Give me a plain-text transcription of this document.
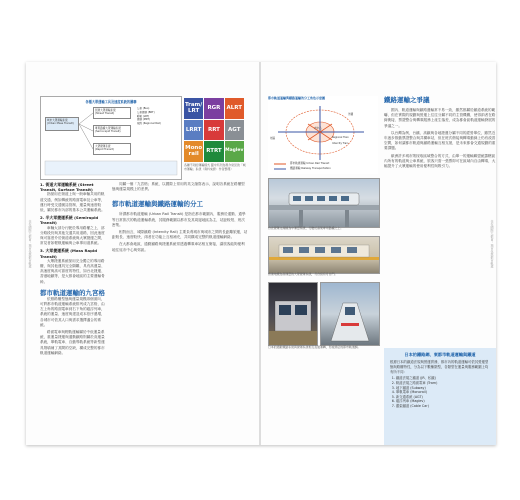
住在國際大都會：城市化與都市軌道	住在國際大都會：城市化與都市軌道
各種大眾運輸工具及速度系統的關聯
城市大眾運輸系統
(Urban Mass Transit)
街道大眾運輸系統
(Street Transit)
專用路權大眾運輸系統
(Semi-rapid Transit)
大眾捷運系統
(Rapid Transit)
公車 (Bus)
公車捷運 (BRT)
輕軌 (LRT)
捷運 (MRT)
城際 (Regional Rail)
Tram/
LRT	RGR	ALRT
LRRT	RRT	AGT
Mono
rail	RTRT Maglev
各種不同的運輸模式 圖中所列為現今常見的「城市運輸」系統（資料來源：作者整理）
1. 街道大眾運輸系統 (Street Transit, Surface Transit)

指採用在街道上與一般車輛共用的軌道交通，例如傳統的路面電車及公車等，運行時受交通號誌管制，運量與速度較低，屬於都市內部的基本公共運輸系統。

2. 半大眾捷運系統 (Semirapid Transit)

車輛大部分行駛於專用路權之上，部分路段仍與其他交通共用道路，因此速度與可靠度介於街道系統與大眾捷運之間，常見者如輕軌運輸與公車專用道系統。

3. 大眾捷運系統 (Mass Rapid Transit)

大眾捷運系統採用完全獨立的專用路權，與其他運具完全隔離，具有高運量、高速度與高可靠度的特性，如台北捷運、香港地鐵等，是大都會地區的主要運輸骨幹。

都市軌道運輸的九宮格

依照路權型態與運量規模兩個面向，可將都市軌道運輸系統排列成九宮格，由左上角的路面電車到右下角的磁浮列車，系統的運量、速度與建造成本依序遞增，各城市可依其人口與需求選擇適合的系統。

路面電車與輕軌運輸屬於中低運量系統，重運量捷運與通勤鐵路則屬於高運量系統，單軌電車、自動導軌系統等新型運具則填補了其間的空缺，構成完整的都市軌道運輸網絡。

同屬一個「九宮格」系統，以國際上常用的英文縮寫表示，說明各系統在路權型態與運量規模上的差異。

都市軌道運輸與鐵路運輸的分工

所謂都市軌道運輸 (Urban Rail Transit) 是指在都市範圍內，服務於通勤、通學等日常旅次的軌道運輸系統，其服務範圍以都市及其周邊地區為主，站距較短、班次密集。

相對而言，城際鐵路 (Intercity Rail) 主要負責城市與城市之間的長距離旅運，站距較長、速度較快，兩者在功能上互相補充，共同構成完整的軌道運輸網絡。

在大都會地區，通勤鐵路與捷運系統常透過轉乘車站相互銜接，讓旅客能夠便利地往返市中心與郊區。

都市軌道運輸與鐵路運輸的分工角色示意圖
市中心
外圍
郊區	Regional Train
Intercity Train
都市軌道運輸 Urban Rail Transit
鐵路運輸 Railway Transportation
台北捷運文湖線為中運量系統，行駛於高架專用路權之上。
香港地鐵為高運量的大眾捷運系統，月台設有月台門。
日本的通勤鐵路系統與捷運系統相互直通運轉，形成綿密的都市軌道網。
鐵路運輸之爭議

國內、軌道運輸與鐵路運輸常不易一致，雖然都屬於鐵道系統的範疇，但在實際的規劃與營運上往往分屬不同的主管機關，使得兩者在路線銜接、票證整合與轉乘服務上產生落差，成為都會區軌道運輸發展的爭議之一。

以台灣為例，台鐵、高鐵與各地捷運分屬不同的經營單位，雖然近年逐步推動票證整合與共構車站，但在班次銜接與轉乘動線上仍有改善空間，如何讓都市軌道與鐵路運輸互相支援，是未來都會交通規劃的重要課題。

歐洲許多城市則採取區域整合的方式，由單一的運輸聯盟統籌轄區內所有的軌道與公車系統，旅客只需一張票即可在區域內自由轉乘，大幅提升了大眾運輸的使用便利性與吸引力。

日本的鐵路網、東都市軌道運輸與鐵道

根據日本的鐵道法規與營運實務，都市內的軌道運輸可依其營運型態與路權特性，分為以下數種類型，各類型在運量與服務範圍上均有所不同：

1. 鐵道法規之鐵道 (JR、私鐵)
2. 軌道法規之路面電車 (Tram)
3. 地下鐵道 (Subway)
4. 單軌電車 (Monorail)
5. 新交通系統 (AGT)
6. 磁浮列車 (Maglev)
7. 纜索鐵道 (Cable Car)
